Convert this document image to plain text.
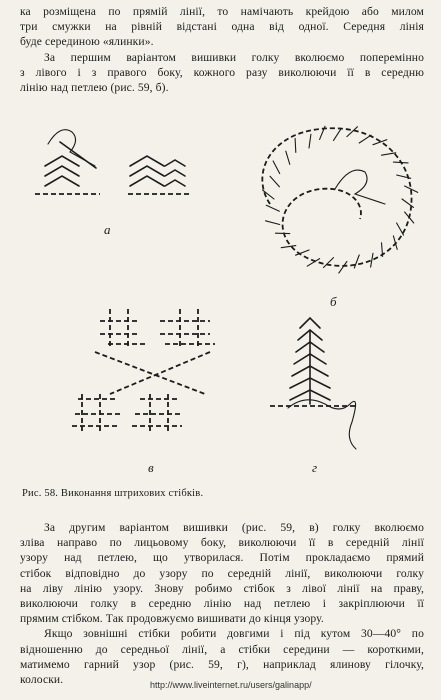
ка розміщена по прямій лінії, то намічають крейдою або милом
три смужки на рівній відстані одна від одної. Середня лінія
буде серединою «ялинки».
За першим варіантом вишивки голку вколюємо поперемінно
з лівого і з правого боку, кожного разу виколюючи її в середню
лінію над петлею (рис. 59, б).
а
б
в	г
Рис. 58. Виконання штрихових стібків.
За другим варіантом вишивки (рис. 59, в) голку вколюємо
зліва направо по лицьовому боку, виколюючи її в середній лінії
узору над петлею, що утворилася. Потім прокладаємо прямий
стібок відповідно до узору по середній лінії, виколюючи голку
на ліву лінію узору. Знову робимо стібок з лівої лінії на праву,
виколюючи голку в середню лінію над петлею і закріплюючи її
прямим стібком. Так продовжуємо вишивати до кінця узору.
Якщо зовнішні стібки робити довгими і під кутом 30—40° по
відношенню до середньої лінії, а стібки середини — короткими,
матимемо гарний узор (рис. 59, г), наприклад ялинову гілочку,
колоски.	http://www.liveinternet.ru/users/galinapp/
